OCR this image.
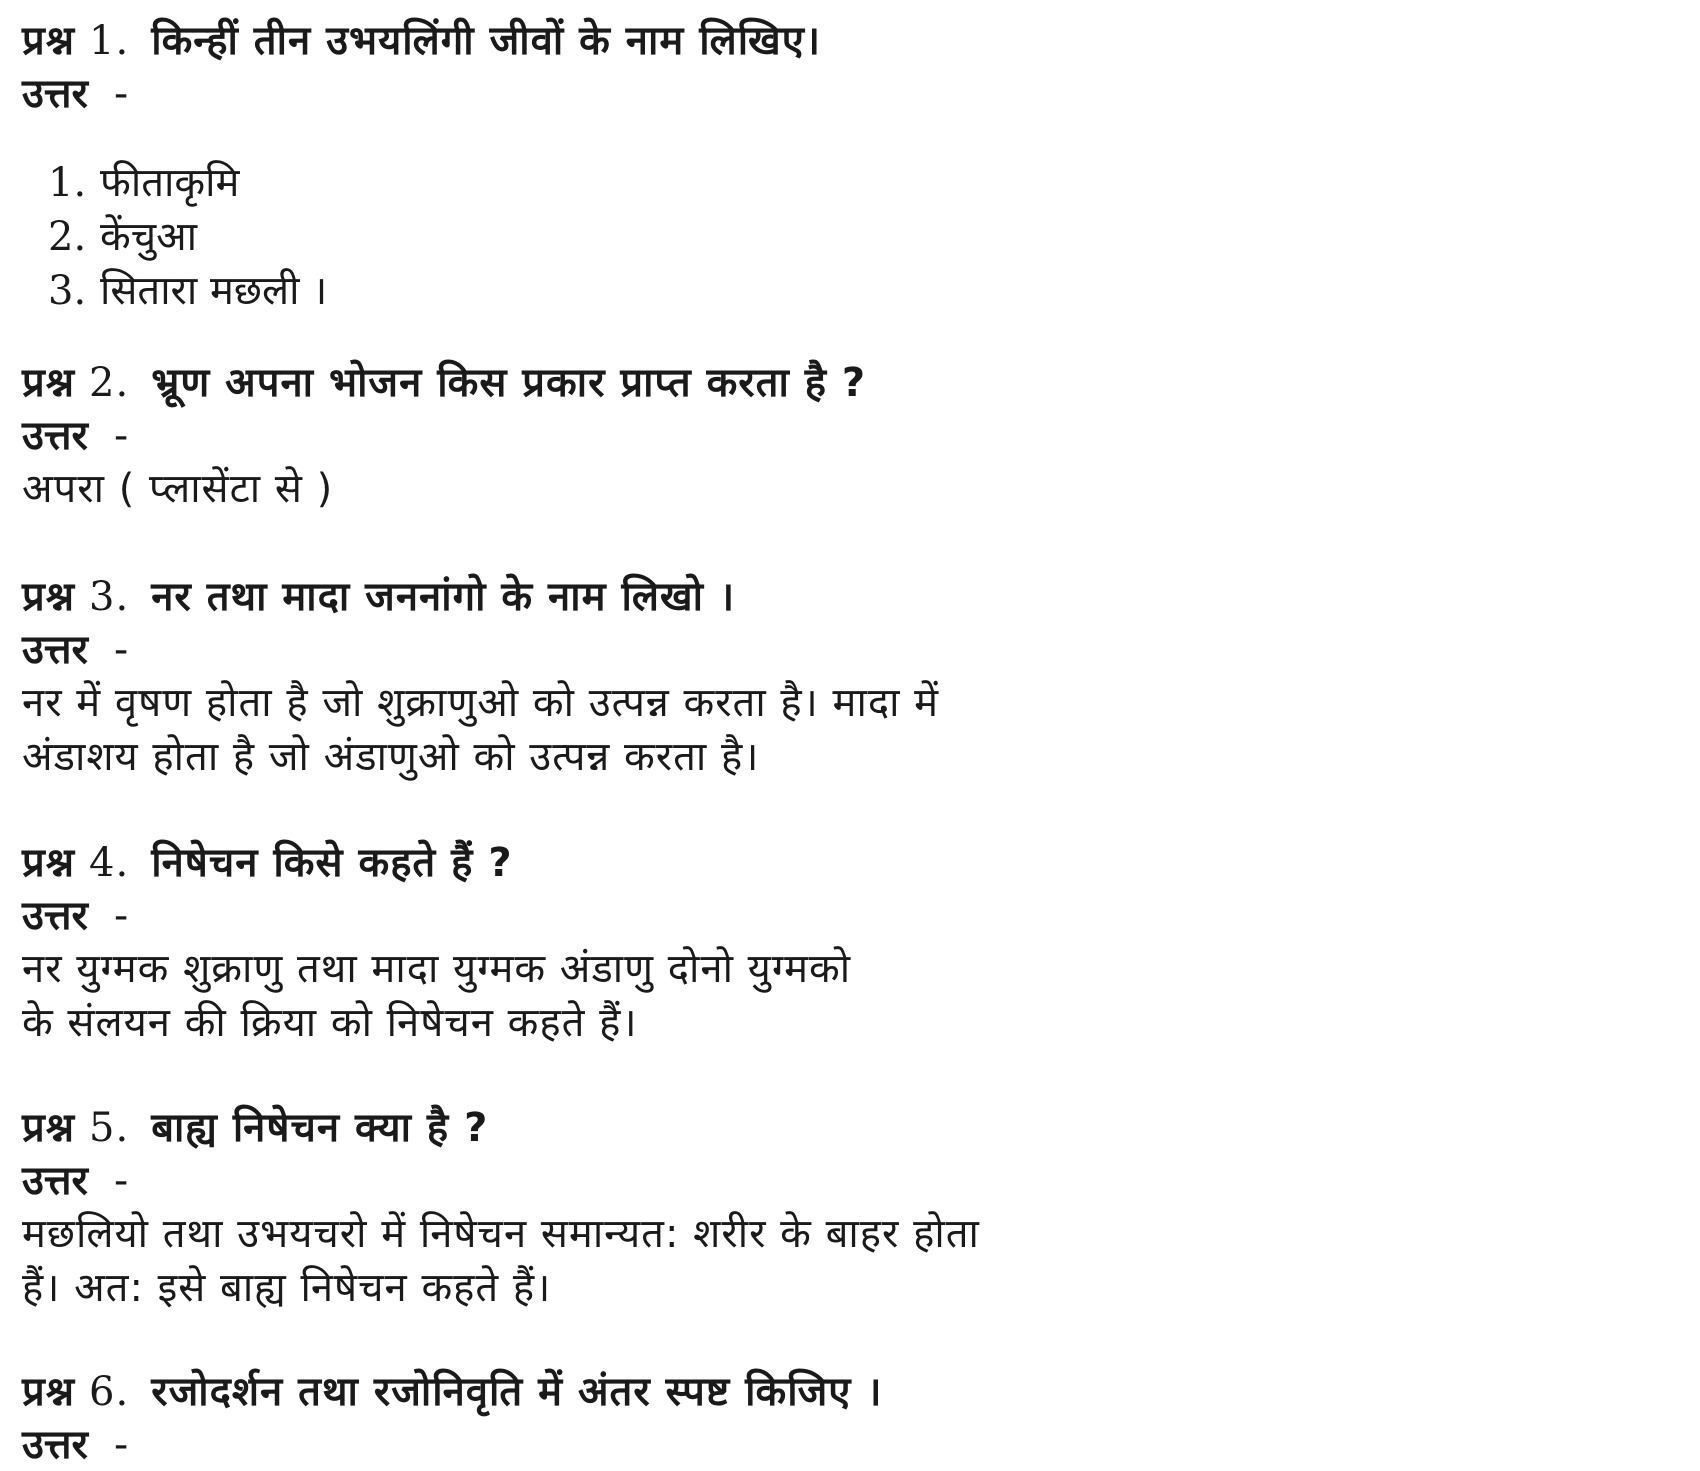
प्रश्न 1. किन्हीं तीन उभयलिंगी जीवों के नाम लिखिए।
उत्तर -
1. फीताकृमि
2. केंचुआ
3. सितारा मछली ।
प्रश्न 2. भ्रूण अपना भोजन किस प्रकार प्राप्त करता है ?
उत्तर -
अपरा ( प्लासेंटा से )
प्रश्न 3. नर तथा मादा जननांगो के नाम लिखो ।
उत्तर -
नर में वृषण होता है जो शुक्राणुओ को उत्पन्न करता है। मादा में
अंडाशय होता है जो अंडाणुओ को उत्पन्न करता है।
प्रश्न 4. निषेचन किसे कहते हैं ?
उत्तर -
नर युग्मक शुक्राणु तथा मादा युग्मक अंडाणु दोनो युग्मको
के संलयन की क्रिया को निषेचन कहते हैं।
प्रश्न 5. बाह्य निषेचन क्या है ?
उत्तर -
मछलियो तथा उभयचरो में निषेचन समान्यत: शरीर के बाहर होता
हैं। अत: इसे बाह्य निषेचन कहते हैं।
प्रश्न 6. रजोदर्शन तथा रजोनिवृति में अंतर स्पष्ट किजिए ।
उत्तर -
